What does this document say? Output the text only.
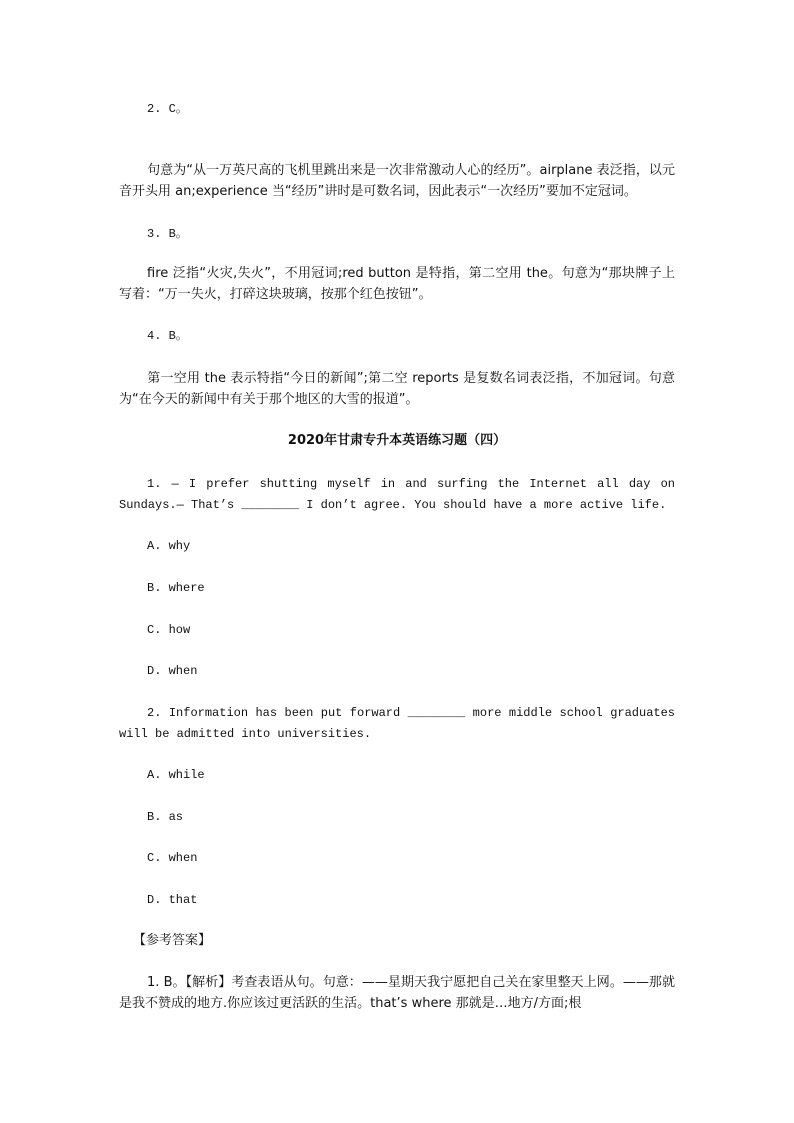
2. C。
句意为“从一万英尺高的飞机里跳出来是一次非常激动人心的经历”。airplane 表泛指，以元音开头用 an;experience 当“经历”讲时是可数名词，因此表示“一次经历”要加不定冠词。
3. B。
fire 泛指“火灾,失火”，不用冠词;red button 是特指，第二空用 the。句意为“那块牌子上写着：“万一失火，打碎这块玻璃，按那个红色按钮”。
4. B。
第一空用 the 表示特指“今日的新闻”;第二空 reports 是复数名词表泛指，不加冠词。句意为“在今天的新闻中有关于那个地区的大雪的报道”。
2020年甘肃专升本英语练习题（四）
1. — I prefer shutting myself in and surfing the Internet all day on Sundays.— That’s ________ I don’t agree. You should have a more active life.
A. why
B. where
C. how
D. when
2. Information has been put forward ________ more middle school graduates will be admitted into universities.
A. while
B. as
C. when
D. that
【参考答案】
1. B。【解析】考查表语从句。句意：——星期天我宁愿把自己关在家里整天上网。——那就是我不赞成的地方.你应该过更活跃的生活。that’s where 那就是…地方/方面;根
